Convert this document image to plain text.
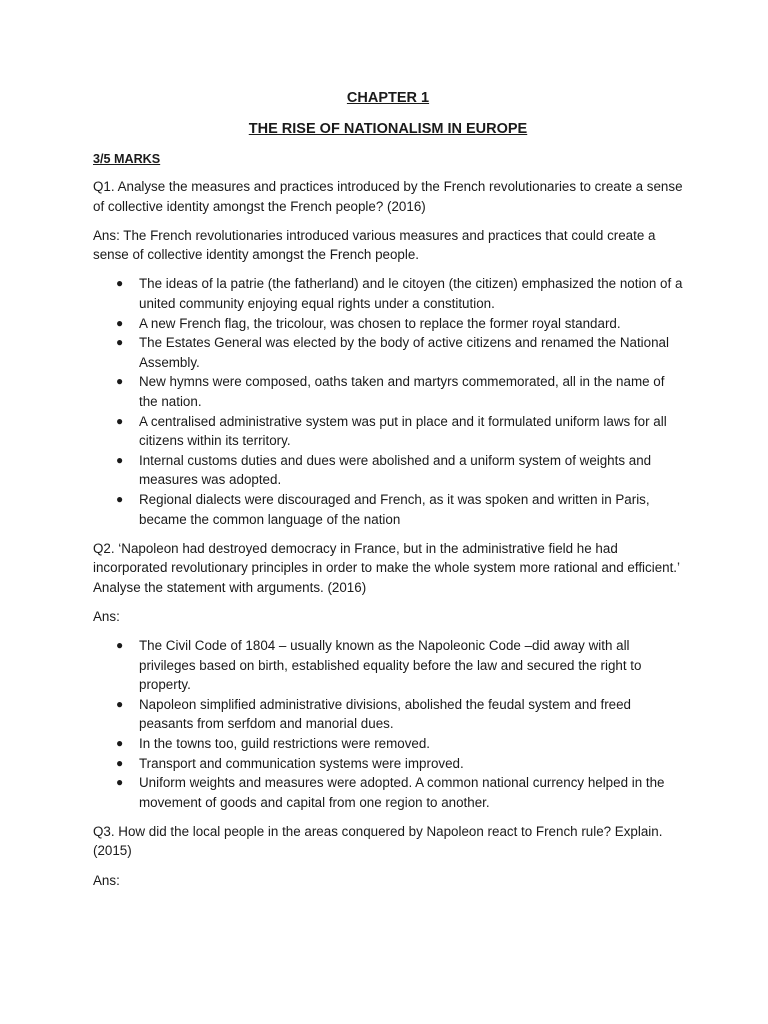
CHAPTER 1
THE RISE OF NATIONALISM IN EUROPE
3/5 MARKS

Q1. Analyse the measures and practices introduced by the French revolutionaries to create a sense of collective identity amongst the French people? (2016)

Ans: The French revolutionaries introduced various measures and practices that could create a sense of collective identity amongst the French people.

● The ideas of la patrie (the fatherland) and le citoyen (the citizen) emphasized the notion of a united community enjoying equal rights under a constitution.
● A new French flag, the tricolour, was chosen to replace the former royal standard.
● The Estates General was elected by the body of active citizens and renamed the National Assembly.
● New hymns were composed, oaths taken and martyrs commemorated, all in the name of the nation.
● A centralised administrative system was put in place and it formulated uniform laws for all citizens within its territory.
● Internal customs duties and dues were abolished and a uniform system of weights and measures was adopted.
● Regional dialects were discouraged and French, as it was spoken and written in Paris, became the common language of the nation

Q2. ‘Napoleon had destroyed democracy in France, but in the administrative field he had incorporated revolutionary principles in order to make the whole system more rational and efficient.’ Analyse the statement with arguments. (2016)

Ans:

● The Civil Code of 1804 – usually known as the Napoleonic Code –did away with all privileges based on birth, established equality before the law and secured the right to property.
● Napoleon simplified administrative divisions, abolished the feudal system and freed peasants from serfdom and manorial dues.
● In the towns too, guild restrictions were removed.
● Transport and communication systems were improved.
● Uniform weights and measures were adopted. A common national currency helped in the movement of goods and capital from one region to another.

Q3. How did the local people in the areas conquered by Napoleon react to French rule? Explain. (2015)

Ans:
